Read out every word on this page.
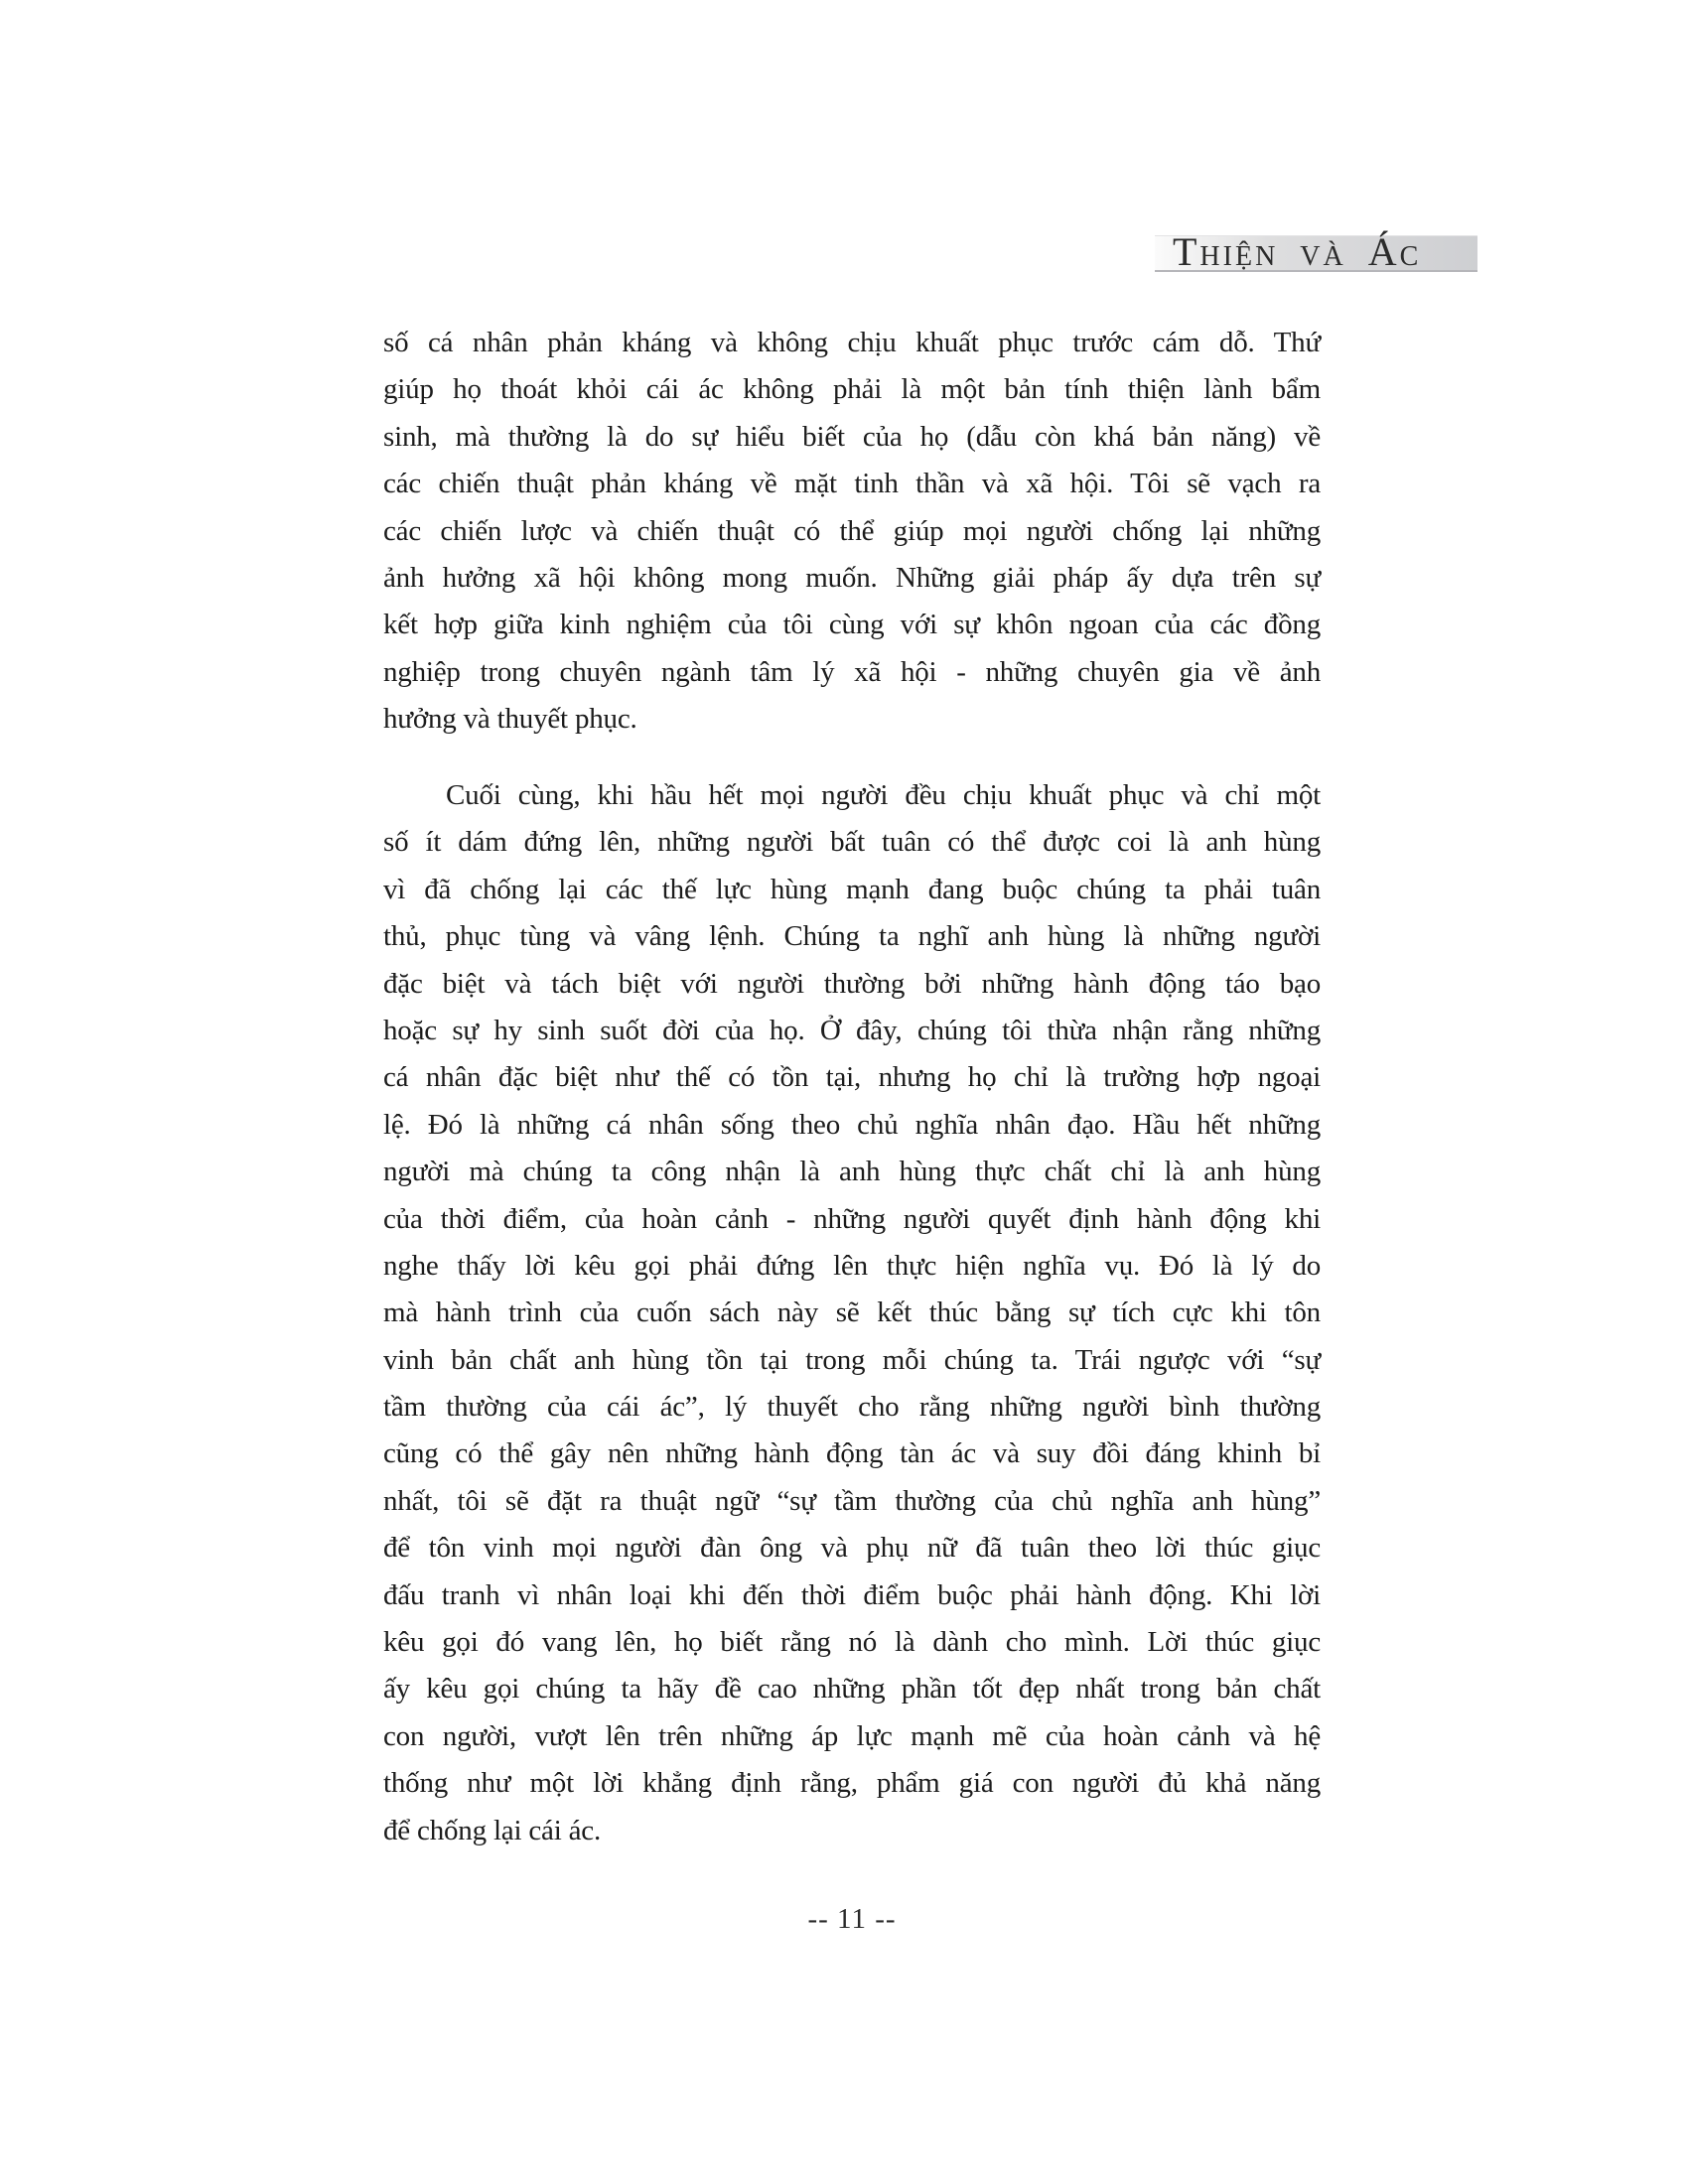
Thiện và Ác
số cá nhân phản kháng và không chịu khuất phục trước cám dỗ. Thứ
giúp họ thoát khỏi cái ác không phải là một bản tính thiện lành bẩm
sinh, mà thường là do sự hiểu biết của họ (dẫu còn khá bản năng) về
các chiến thuật phản kháng về mặt tinh thần và xã hội. Tôi sẽ vạch ra
các chiến lược và chiến thuật có thể giúp mọi người chống lại những
ảnh hưởng xã hội không mong muốn. Những giải pháp ấy dựa trên sự
kết hợp giữa kinh nghiệm của tôi cùng với sự khôn ngoan của các đồng
nghiệp trong chuyên ngành tâm lý xã hội - những chuyên gia về ảnh
hưởng và thuyết phục.
Cuối cùng, khi hầu hết mọi người đều chịu khuất phục và chỉ một
số ít dám đứng lên, những người bất tuân có thể được coi là anh hùng
vì đã chống lại các thế lực hùng mạnh đang buộc chúng ta phải tuân
thủ, phục tùng và vâng lệnh. Chúng ta nghĩ anh hùng là những người
đặc biệt và tách biệt với người thường bởi những hành động táo bạo
hoặc sự hy sinh suốt đời của họ. Ở đây, chúng tôi thừa nhận rằng những
cá nhân đặc biệt như thế có tồn tại, nhưng họ chỉ là trường hợp ngoại
lệ. Đó là những cá nhân sống theo chủ nghĩa nhân đạo. Hầu hết những
người mà chúng ta công nhận là anh hùng thực chất chỉ là anh hùng
của thời điểm, của hoàn cảnh - những người quyết định hành động khi
nghe thấy lời kêu gọi phải đứng lên thực hiện nghĩa vụ. Đó là lý do
mà hành trình của cuốn sách này sẽ kết thúc bằng sự tích cực khi tôn
vinh bản chất anh hùng tồn tại trong mỗi chúng ta. Trái ngược với “sự
tầm thường của cái ác”, lý thuyết cho rằng những người bình thường
cũng có thể gây nên những hành động tàn ác và suy đồi đáng khinh bỉ
nhất, tôi sẽ đặt ra thuật ngữ “sự tầm thường của chủ nghĩa anh hùng”
để tôn vinh mọi người đàn ông và phụ nữ đã tuân theo lời thúc giục
đấu tranh vì nhân loại khi đến thời điểm buộc phải hành động. Khi lời
kêu gọi đó vang lên, họ biết rằng nó là dành cho mình. Lời thúc giục
ấy kêu gọi chúng ta hãy đề cao những phần tốt đẹp nhất trong bản chất
con người, vượt lên trên những áp lực mạnh mẽ của hoàn cảnh và hệ
thống như một lời khẳng định rằng, phẩm giá con người đủ khả năng
để chống lại cái ác.
-- 11 --
